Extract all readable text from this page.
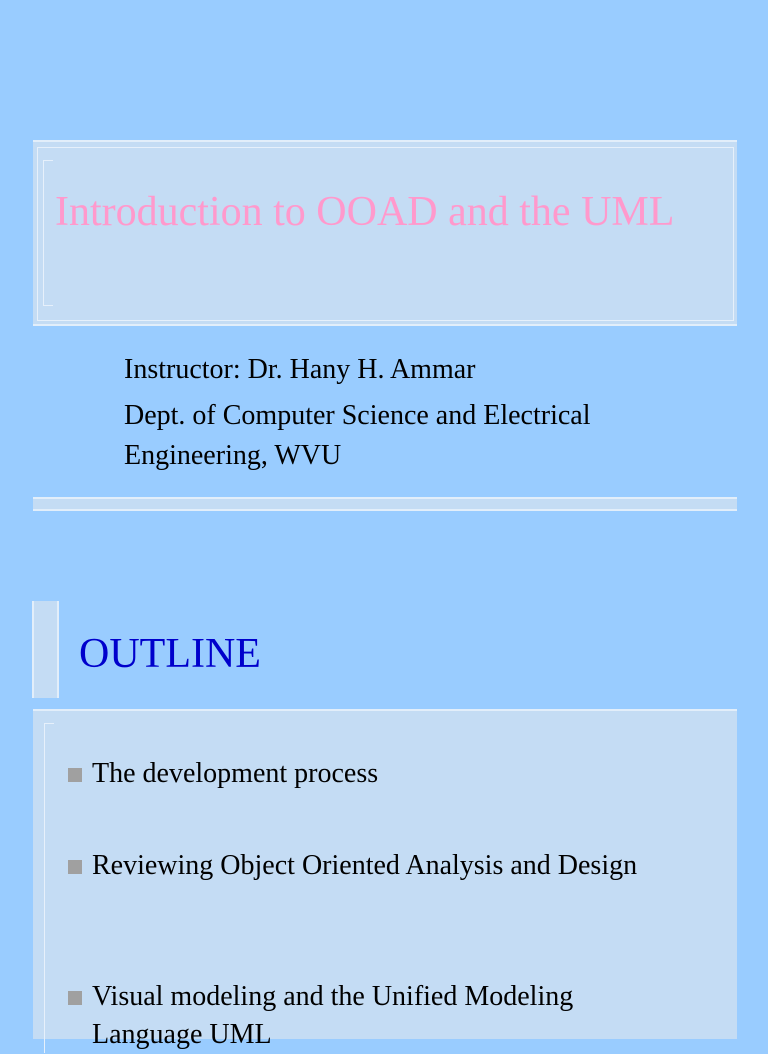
Introduction to OOAD and the UML
Instructor: Dr. Hany H. Ammar
Dept. of Computer Science and Electrical Engineering, WVU
OUTLINE
The development process
Reviewing Object Oriented Analysis and Design
Visual modeling and the Unified Modeling Language UML
